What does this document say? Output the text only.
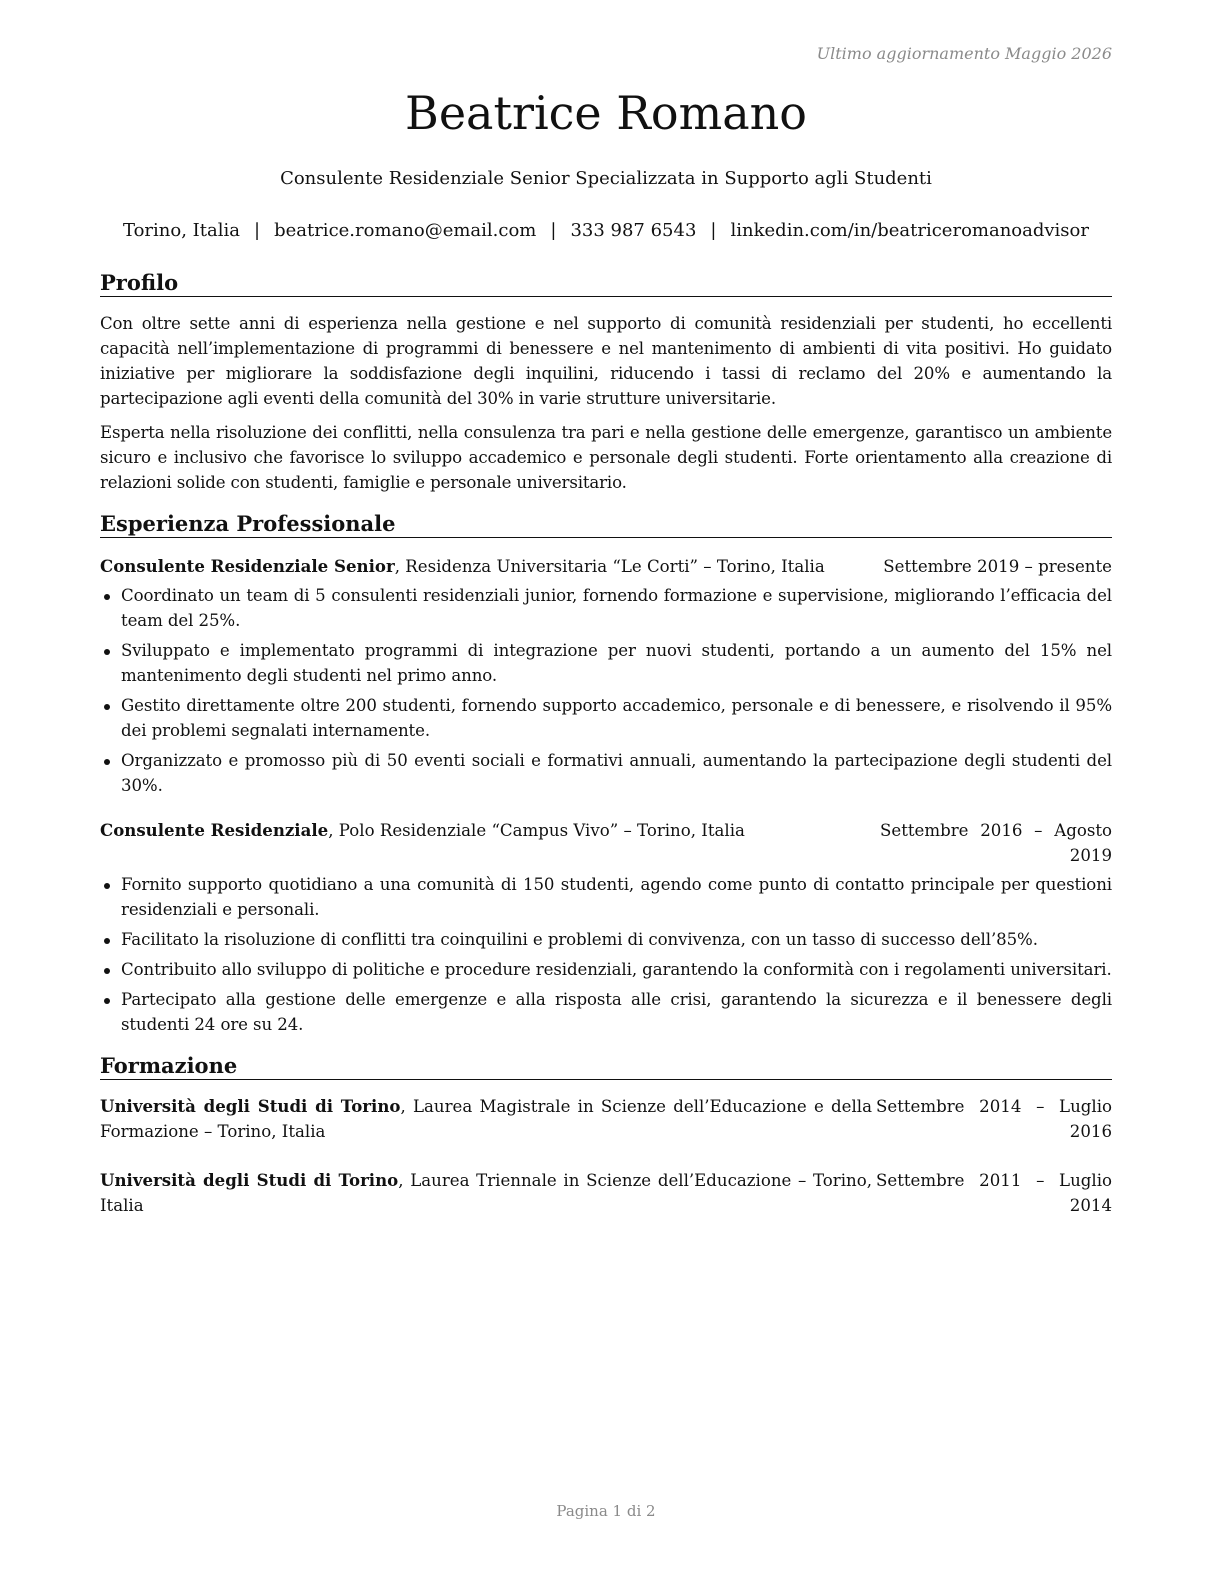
Ultimo aggiornamento Maggio 2026
Beatrice Romano
Consulente Residenziale Senior Specializzata in Supporto agli Studenti
Torino, Italia | beatrice.romano@email.com | 333 987 6543 | linkedin.com/in/beatriceromanoadvisor
Profilo

Con oltre sette anni di esperienza nella gestione e nel supporto di comunità residenziali per studenti, ho eccellenti capacità nell’implementazione di programmi di benessere e nel mantenimento di ambienti di vita positivi. Ho guidato iniziative per migliorare la soddisfazione degli inquilini, riducendo i tassi di reclamo del 20% e aumentando la partecipazione agli eventi della comunità del 30% in varie strutture universitarie.

Esperta nella risoluzione dei conflitti, nella consulenza tra pari e nella gestione delle emergenze, garantisco un ambiente sicuro e inclusivo che favorisce lo sviluppo accademico e personale degli studenti. Forte orientamento alla creazione di relazioni solide con studenti, famiglie e personale universitario.

Esperienza Professionale
Consulente Residenziale Senior, Residenza Universitaria “Le Corti” – Torino, Italia	Settembre 2019 – presente
Coordinato un team di 5 consulenti residenziali junior, fornendo formazione e supervisione, migliorando l’efficacia del team del 25%.
Sviluppato e implementato programmi di integrazione per nuovi studenti, portando a un aumento del 15% nel mantenimento degli studenti nel primo anno.
Gestito direttamente oltre 200 studenti, fornendo supporto accademico, personale e di benessere, e risolvendo il 95% dei problemi segnalati internamente.
Organizzato e promosso più di 50 eventi sociali e formativi annuali, aumentando la partecipazione degli studenti del 30%.
Consulente Residenziale, Polo Residenziale “Campus Vivo” – Torino, Italia	Settembre 2016 – Agosto 2019
Fornito supporto quotidiano a una comunità di 150 studenti, agendo come punto di contatto principale per questioni residenziali e personali.
Facilitato la risoluzione di conflitti tra coinquilini e problemi di convivenza, con un tasso di successo dell’85%.
Contribuito allo sviluppo di politiche e procedure residenziali, garantendo la conformità con i regolamenti universitari.
Partecipato alla gestione delle emergenze e alla risposta alle crisi, garantendo la sicurezza e il benessere degli studenti 24 ore su 24.
Formazione
Università degli Studi di Torino, Laurea Magistrale in Scienze dell’Educazione e della Formazione – Torino, Italia
Settembre 2014 – Luglio 2016
Università degli Studi di Torino, Laurea Triennale in Scienze dell’Educazione – Torino, Italia
Settembre 2011 – Luglio 2014
Pagina 1 di 2
